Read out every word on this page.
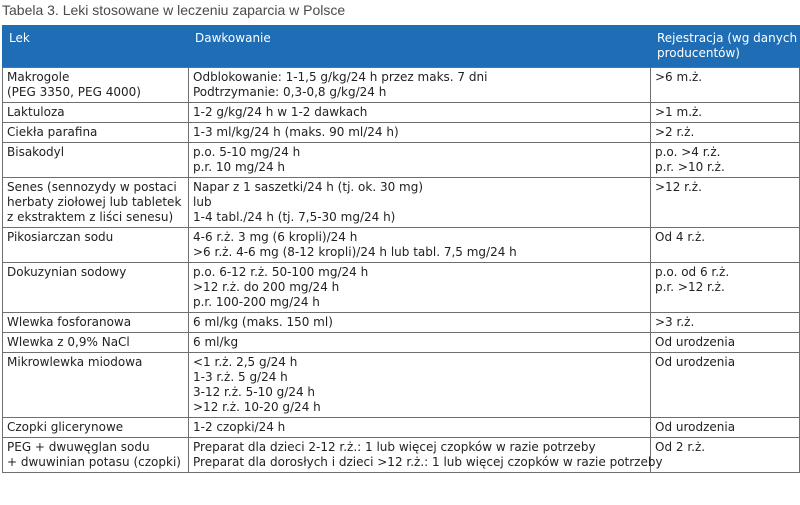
Tabela 3. Leki stosowane w leczeniu zaparcia w Polsce
Lek	Dawkowanie	Rejestracja (wg danych
producentów)

Makrogole
(PEG 3350, PEG 4000)	Odblokowanie: 1-1,5 g/kg/24 h przez maks. 7 dni
Podtrzymanie: 0,3-0,8 g/kg/24 h	>6 m.ż.

Laktuloza	1-2 g/kg/24 h w 1-2 dawkach	>1 m.ż.

Ciekła parafina	1-3 ml/kg/24 h (maks. 90 ml/24 h)	>2 r.ż.

Bisakodyl	p.o. 5-10 mg/24 h
p.r. 10 mg/24 h	p.o. >4 r.ż.
p.r. >10 r.ż.

Senes (sennozydy w postaci
herbaty ziołowej lub tabletek
z ekstraktem z liści senesu)	Napar z 1 saszetki/24 h (tj. ok. 30 mg)
lub
1-4 tabl./24 h (tj. 7,5-30 mg/24 h)	>12 r.ż.

Pikosiarczan sodu	4-6 r.ż. 3 mg (6 kropli)/24 h
>6 r.ż. 4-6 mg (8-12 kropli)/24 h lub tabl. 7,5 mg/24 h	Od 4 r.ż.

Dokuzynian sodowy	p.o. 6-12 r.ż. 50-100 mg/24 h
>12 r.ż. do 200 mg/24 h
p.r. 100-200 mg/24 h	p.o. od 6 r.ż.
p.r. >12 r.ż.

Wlewka fosforanowa	6 ml/kg (maks. 150 ml)	>3 r.ż.

Wlewka z 0,9% NaCl	6 ml/kg	Od urodzenia

Mikrowlewka miodowa	<1 r.ż. 2,5 g/24 h
1-3 r.ż. 5 g/24 h
3-12 r.ż. 5-10 g/24 h
>12 r.ż. 10-20 g/24 h	Od urodzenia

Czopki glicerynowe	1-2 czopki/24 h	Od urodzenia

PEG + dwuwęglan sodu
+ dwuwinian potasu (czopki)	Preparat dla dzieci 2-12 r.ż.: 1 lub więcej czopków w razie potrzeby
Preparat dla dorosłych i dzieci >12 r.ż.: 1 lub więcej czopków w razie potrzeby	Od 2 r.ż.
